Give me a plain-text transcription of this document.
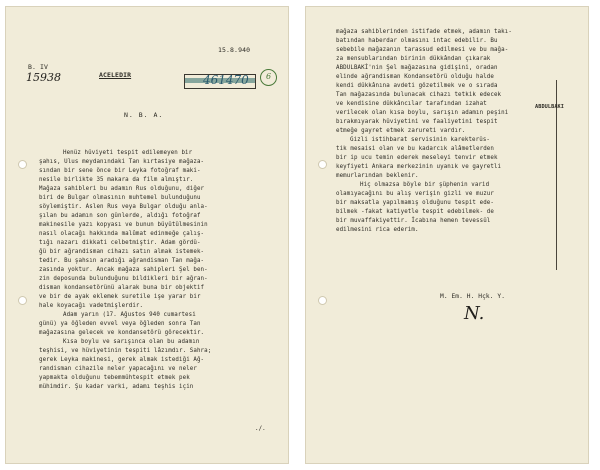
15.8.940
B. IV
15938	ACELEDIR	461470	6
N. B. A.
Henüz hüviyeti tespit edilemeyen bir
şahıs, Ulus meydanındaki Tan kırtasiye mağaza-
sından bir sene önce bir Leyka fotoğraf maki-
nesile birlikte 35 makara da film almıştır.
Mağaza sahibleri bu adamın Rus olduğunu, diğer
biri de Bulgar olmasının muhtemel bulunduğunu
söylemiştir. Aslen Rus veya Bulgar olduğu anla-
şılan bu adamın son günlerde, aldığı fotoğraf
makinesile yazı kopyası ve bunun büyütülmesinin
nasıl olacağı hakkında malûmat edinmeğe çalış-
tığı nazarı dikkati celbetmiştir. Adam gördü-
ğü bir ağrandisman cihazı satın almak istemek-
tedir. Bu şahsın aradığı ağrandisman Tan mağa-
zasında yoktur. Ancak mağaza sahipleri Şel ben-
zin deposunda bulunduğunu bildikleri bir ağran-
disman kondansetörünü alarak buna bir objektif
ve bir de ayak eklemek suretile işe yarar bir
hale koyacağı vadetmişlerdir.
Adam yarın (17. Ağustos 940 cumartesi
günü) ya öğleden evvel veya öğleden sonra Tan
mağazasına gelecek ve kondansetörü görecektir.
Kısa boylu ve sarışınca olan bu adamın
teşhisi, ve hüviyetinin tespiti lâzımdır. Sahra;
gerek Leyka makinesi, gerek almak istediği Ağ-
randisman cihazile neler yapacağını ve neler
yapmakta olduğunu tebemmühtespit etmek pek
mühimdir. Şu kadar varki, adamı teşhis için
./.
ABDULBAKI
mağaza sahiblerinden istifade etmek, adamın takı-
batından haberdar olmasını intac edebilir. Bu
sebebile mağazanın tarassud edilmesi ve bu mağa-
za mensublarından birinin dükkândan çıkarak
ABDULBAKİ'nin Şel mağazasına gidişini, oradan
elinde ağrandisman Kondansetörü olduğu halde
kendi dükkânına avdeti gözetilmek ve o sırada
Tan mağazasında bulunacak cihazı tetkik edecek
ve kendisine dükkâncılar tarafından izahat
verilecek olan kısa boylu, sarışın adamın peşini
bırakmıyarak hüviyetini ve faaliyetini tespit
etmeğe gayret etmek zarureti vardır.
Gizli istihbarat servisinin karekterüs-
tik mesaisi olan ve bu kadarcık alâmetlerden
bir ip ucu temin ederek meseleyi tenvir etmek
keyfiyeti Ankara merkezinin uyanık ve gayretli
memurlarından beklenir.
Hiç olmazsa böyle bir şüphenin varid
olamıyacağını bu alış verişin gizli ve muzur
bir maksatla yapılmamış olduğunu tespit ede-
bilmek -fakat katiyetle tespit edebilmek- de
bir muvaffakiyettir. İcabına hemen tevessül
edilmesini rica ederim.
M. Em. H. Hçk. Y.
N.
